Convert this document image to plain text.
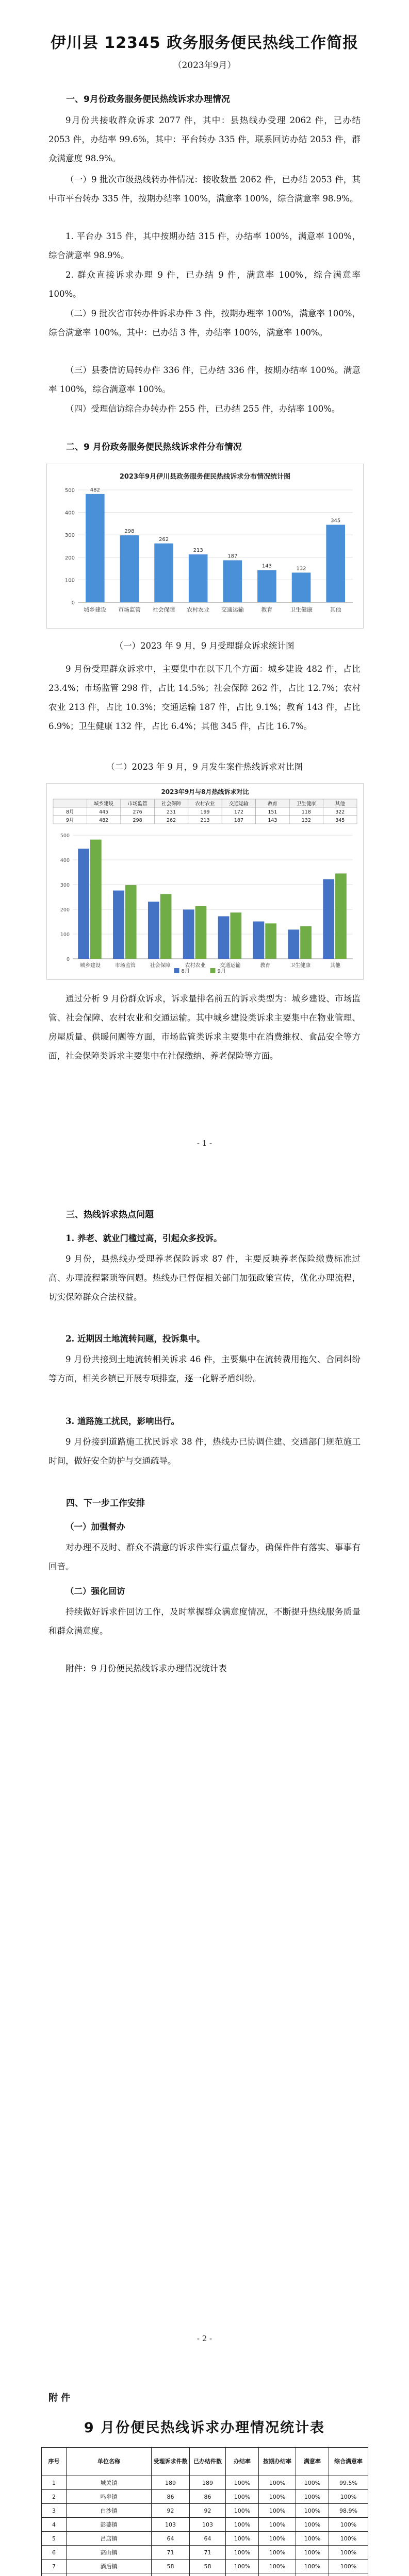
伊川县 12345 政务服务便民热线工作简报
（2023年9月）

一、9月份政务服务便民热线诉求办理情况

9月份共接收群众诉求 2077 件，其中：县热线办受理 2062 件，已办结 2053 件，办结率 99.6%，其中：平台转办 335 件，联系回访办结 2053 件，群众满意度 98.9%。

（一）9 批次市级热线转办件情况：接收数量 2062 件，已办结 2053 件，其中市平台转办 335 件，按期办结率 100%，满意率 100%，综合满意率 98.9%。

1. 平台办 315 件，其中按期办结 315 件，办结率 100%，满意率 100%，综合满意率 98.9%。

2. 群众直接诉求办理 9 件，已办结 9 件，满意率 100%，综合满意率 100%。

（二）9 批次省市转办件诉求办件 3 件，按期办理率 100%，满意率 100%，综合满意率 100%。其中：已办结 3 件，办结率 100%，满意率 100%。

（三）县委信访局转办件 336 件，已办结 336 件，按期办结率 100%。满意率 100%，综合满意率 100%。

（四）受理信访综合办转办件 255 件，已办结 255 件，办结率 100%。

二、9 月份政务服务便民热线诉求件分布情况

2023年9月伊川县政务服务便民热线诉求分布情况统计图
0
100
200
300
400
500	482
城乡建设
298
市场监管
262
社会保障
213
农村农业
187
交通运输
143
教育
132
卫生健康
345
其他

（一）2023 年 9 月，9 月受理群众诉求统计图

9 月份受理群众诉求中，主要集中在以下几个方面：城乡建设 482 件，占比 23.4%；市场监管 298 件，占比 14.5%；社会保障 262 件，占比 12.7%；农村农业 213 件，占比 10.3%；交通运输 187 件，占比 9.1%；教育 143 件，占比 6.9%；卫生健康 132 件，占比 6.4%；其他 345 件，占比 16.7%。

（二）2023 年 9 月，9 月发生案件热线诉求对比图

2023年9月与8月热线诉求对比
城乡建设	市场监管	社会保障	农村农业	交通运输	教育	卫生健康	其他
8月	445	276	231	199	172	151	118	322
9月	482	298	262	213	187	143	132	345
0
100
200
300
400
500
城乡建设	市场监管	社会保障	农村农业	交通运输	教育	卫生健康	其他
8月	9月

通过分析 9 月份群众诉求，诉求量排名前五的诉求类型为：城乡建设、市场监管、社会保障、农村农业和交通运输。其中城乡建设类诉求主要集中在物业管理、房屋质量、供暖问题等方面，市场监管类诉求主要集中在消费维权、食品安全等方面，社会保障类诉求主要集中在社保缴纳、养老保险等方面。

- 1 -

三、热线诉求热点问题

1. 养老、就业门槛过高，引起众多投诉。

9 月份，县热线办受理养老保险诉求 87 件，主要反映养老保险缴费标准过高、办理流程繁琐等问题。热线办已督促相关部门加强政策宣传，优化办理流程，切实保障群众合法权益。

2. 近期因土地流转问题，投诉集中。

9 月份共接到土地流转相关诉求 46 件，主要集中在流转费用拖欠、合同纠纷等方面，相关乡镇已开展专项排查，逐一化解矛盾纠纷。

3. 道路施工扰民，影响出行。

9 月份接到道路施工扰民诉求 38 件，热线办已协调住建、交通部门规范施工时间，做好安全防护与交通疏导。

四、下一步工作安排

（一）加强督办

对办理不及时、群众不满意的诉求件实行重点督办，确保件件有落实、事事有回音。

（二）强化回访

持续做好诉求件回访工作，及时掌握群众满意度情况，不断提升热线服务质量和群众满意度。

附件：9 月份便民热线诉求办理情况统计表

- 2 -
附 件
9 月份便民热线诉求办理情况统计表
序号	单位名称	受理诉求件数	已办结件数	办结率	按期办结率	满意率	综合满意率
1	城关镇	189	189	100%	100%	100%	99.5%
2	鸣皋镇	86	86	100%	100%	100%	100%
3	白沙镇	92	92	100%	100%	100%	98.9%
4	彭婆镇	103	103	100%	100%	100%	100%
5	吕店镇	64	64	100%	100%	100%	100%
6	高山镇	71	71	100%	100%	100%	100%
7	酒后镇	58	58	100%	100%	100%	100%
